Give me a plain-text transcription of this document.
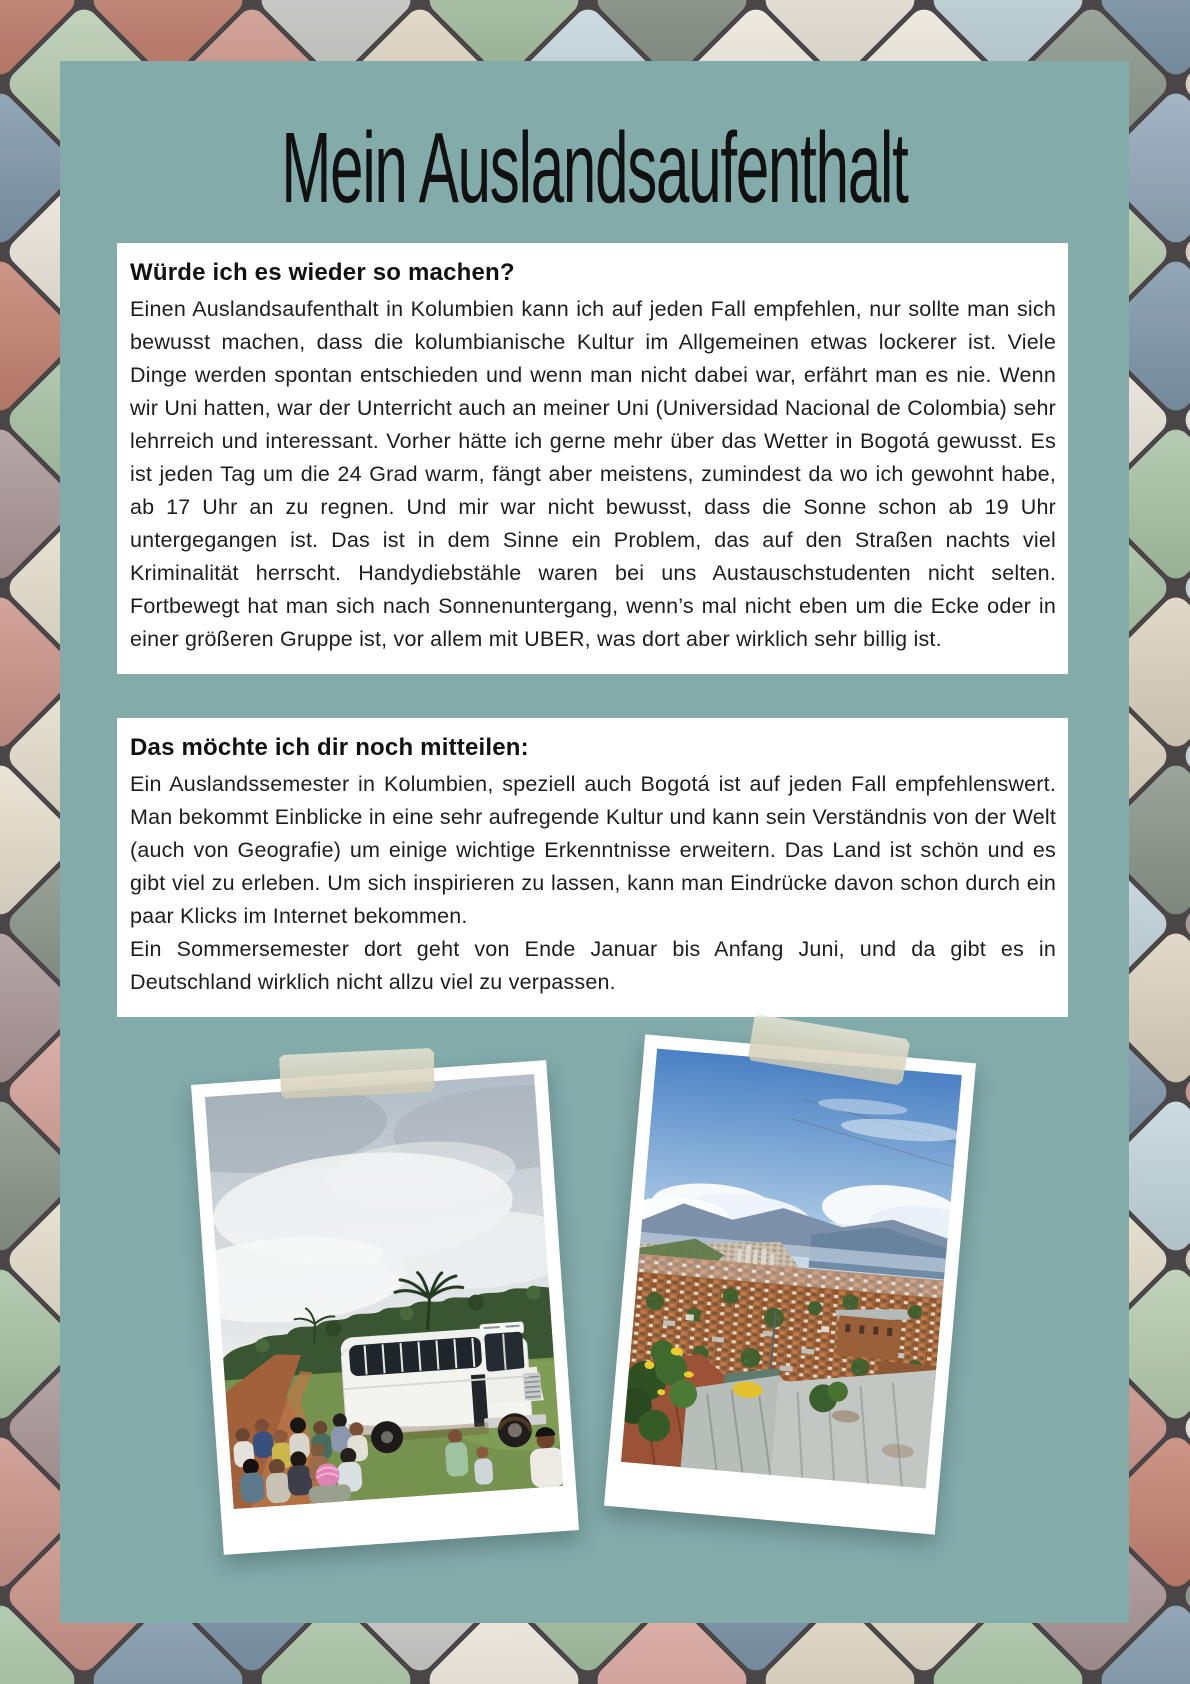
Mein Auslandsaufenthalt
Würde ich es wieder so machen?

Einen Auslandsaufenthalt in Kolumbien kann ich auf jeden Fall empfehlen, nur sollte man sich bewusst machen, dass die kolumbianische Kultur im Allgemeinen etwas lockerer ist. Viele Dinge werden spontan entschieden und wenn man nicht dabei war, erfährt man es nie. Wenn wir Uni hatten, war der Unterricht auch an meiner Uni (Universidad Nacional de Colombia) sehr lehrreich und interessant. Vorher hätte ich gerne mehr über das Wetter in Bogotá gewusst. Es ist jeden Tag um die 24 Grad warm, fängt aber meistens, zumindest da wo ich gewohnt habe, ab 17 Uhr an zu regnen. Und mir war nicht bewusst, dass die Sonne schon ab 19 Uhr untergegangen ist. Das ist in dem Sinne ein Problem, das auf den Straßen nachts viel Kriminalität herrscht. Handydiebstähle waren bei uns Austauschstudenten nicht selten. Fortbewegt hat man sich nach Sonnenuntergang, wenn’s mal nicht eben um die Ecke oder in einer größeren Gruppe ist, vor allem mit UBER, was dort aber wirklich sehr billig ist.

Das möchte ich dir noch mitteilen:

Ein Auslandssemester in Kolumbien, speziell auch Bogotá ist auf jeden Fall empfehlenswert. Man bekommt Einblicke in eine sehr aufregende Kultur und kann sein Verständnis von der Welt (auch von Geografie) um einige wichtige Erkenntnisse erweitern. Das Land ist schön und es gibt viel zu erleben. Um sich inspirieren zu lassen, kann man Eindrücke davon schon durch ein paar Klicks im Internet bekommen.

Ein Sommersemester dort geht von Ende Januar bis Anfang Juni, und da gibt es in Deutschland wirklich nicht allzu viel zu verpassen.
